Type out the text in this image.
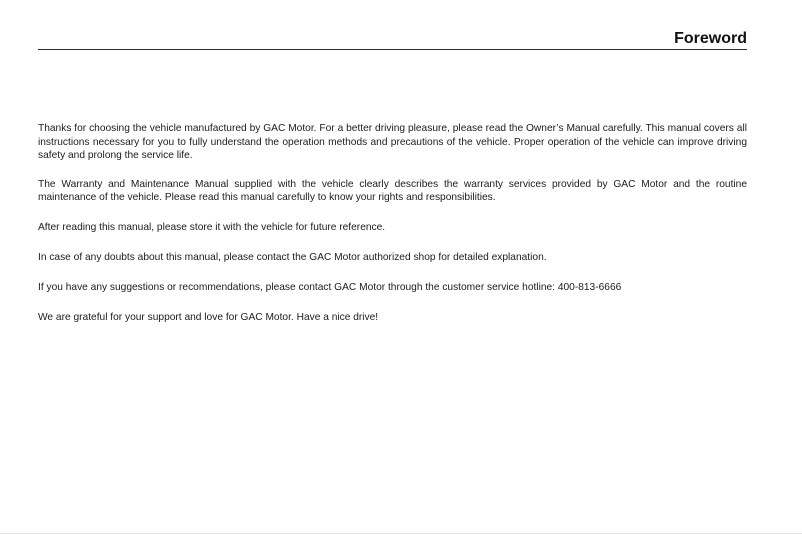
Foreword

Thanks for choosing the vehicle manufactured by GAC Motor. For a better driving pleasure, please read the Owner’s Manual carefully. This manual covers all instructions necessary for you to fully understand the operation methods and precautions of the vehicle. Proper operation of the vehicle can improve driving safety and prolong the service life.

The Warranty and Maintenance Manual supplied with the vehicle clearly describes the warranty services provided by GAC Motor and the routine maintenance of the vehicle. Please read this manual carefully to know your rights and responsibilities.

After reading this manual, please store it with the vehicle for future reference.

In case of any doubts about this manual, please contact the GAC Motor authorized shop for detailed explanation.

If you have any suggestions or recommendations, please contact GAC Motor through the customer service hotline: 400-813-6666

We are grateful for your support and love for GAC Motor. Have a nice drive!
